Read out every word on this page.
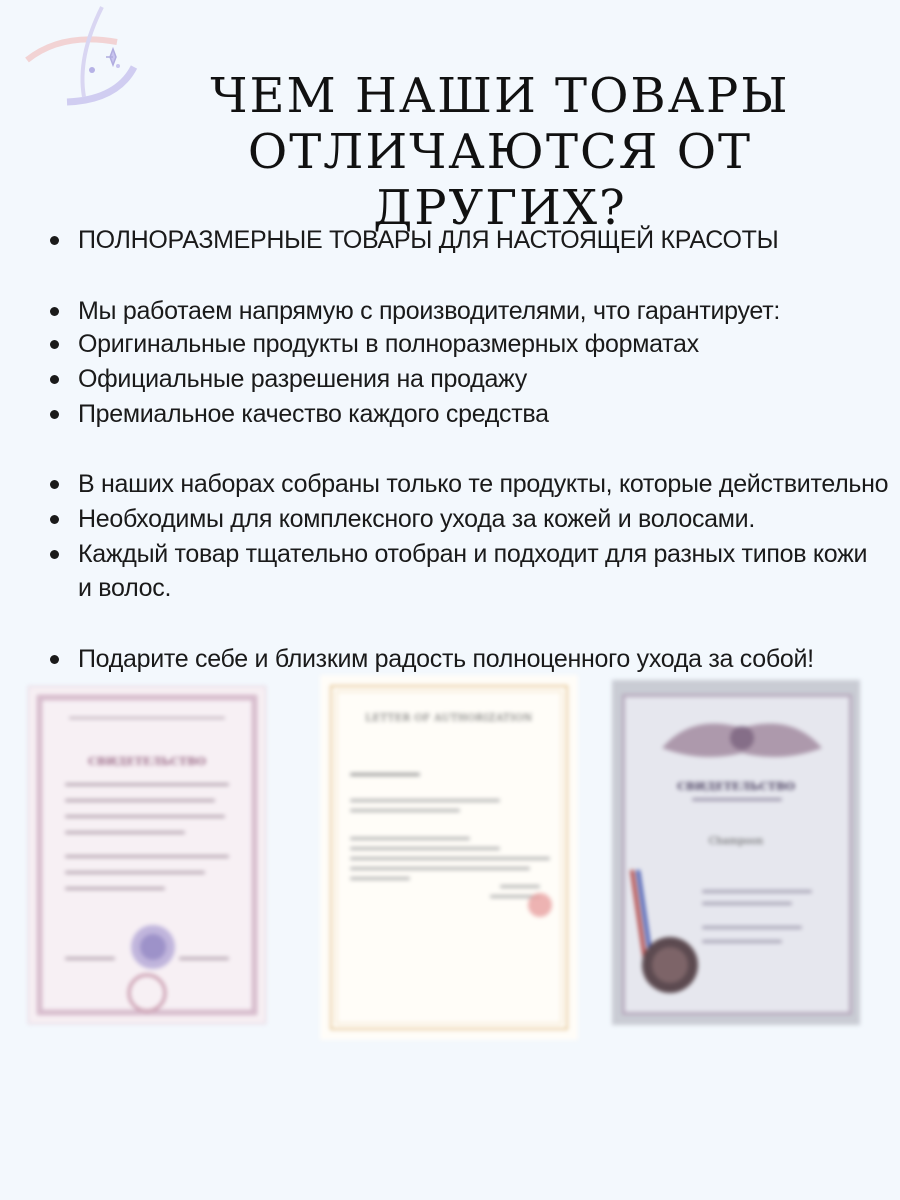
ЧЕМ НАШИ ТОВАРЫ
ОТЛИЧАЮТСЯ ОТ ДРУГИХ?
ПОЛНОРАЗМЕРНЫЕ ТОВАРЫ ДЛЯ НАСТОЯЩЕЙ КРАСОТЫ
Мы работаем напрямую с производителями, что гарантирует:
Оригинальные продукты в полноразмерных форматах
Официальные разрешения на продажу
Премиальное качество каждого средства
В наших наборах собраны только те продукты, которые действительно
Необходимы для комплексного ухода за кожей и волосами.
Каждый товар тщательно отобран и подходит для разных типов кожи и волос.
Подарите себе и близким радость полноценного ухода за собой!
СВИДЕТЕЛЬСТВО
LETTER OF AUTHORIZATION
СВИДЕТЕЛЬСТВО
Сhampoon
